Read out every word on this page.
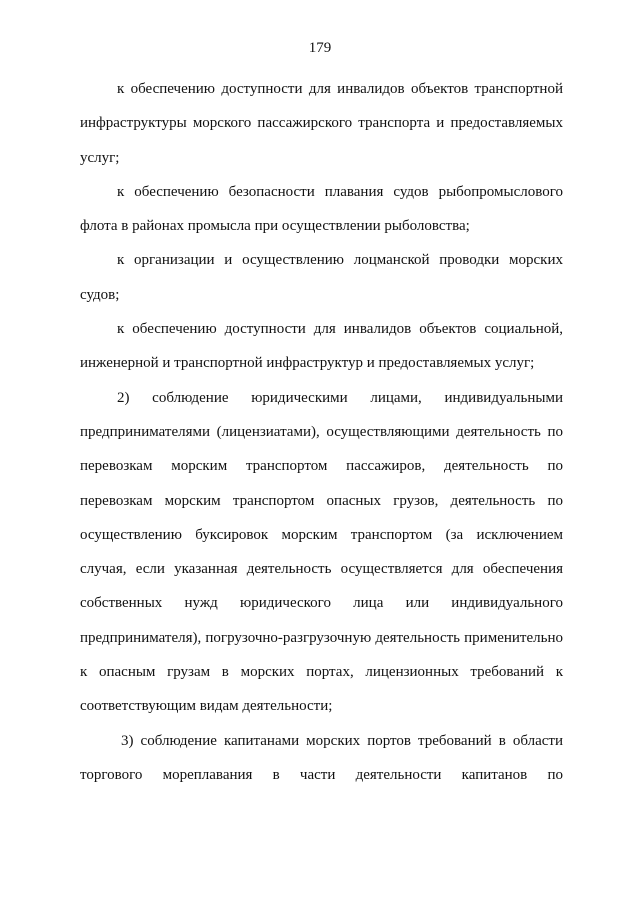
179

к обеспечению доступности для инвалидов объектов транспортной инфраструктуры морского пассажирского транспорта и предоставляемых услуг;

к обеспечению безопасности плавания судов рыбопромыслового флота в районах промысла при осуществлении рыболовства;

к организации и осуществлению лоцманской проводки морских судов;

к обеспечению доступности для инвалидов объектов социальной, инженерной и транспортной инфраструктур и предоставляемых услуг;

2) соблюдение юридическими лицами, индивидуальными предпринимателями (лицензиатами), осуществляющими деятельность по перевозкам морским транспортом пассажиров, деятельность по перевозкам морским транспортом опасных грузов, деятельность по осуществлению буксировок морским транспортом (за исключением случая, если указанная деятельность осуществляется для обеспечения собственных нужд юридического лица или индивидуального предпринимателя), погрузочно-разгрузочную деятельность применительно к опасным грузам в морских портах, лицензионных требований к соответствующим видам деятельности;

3) соблюдение капитанами морских портов требований в области торгового мореплавания в части деятельности капитанов по
